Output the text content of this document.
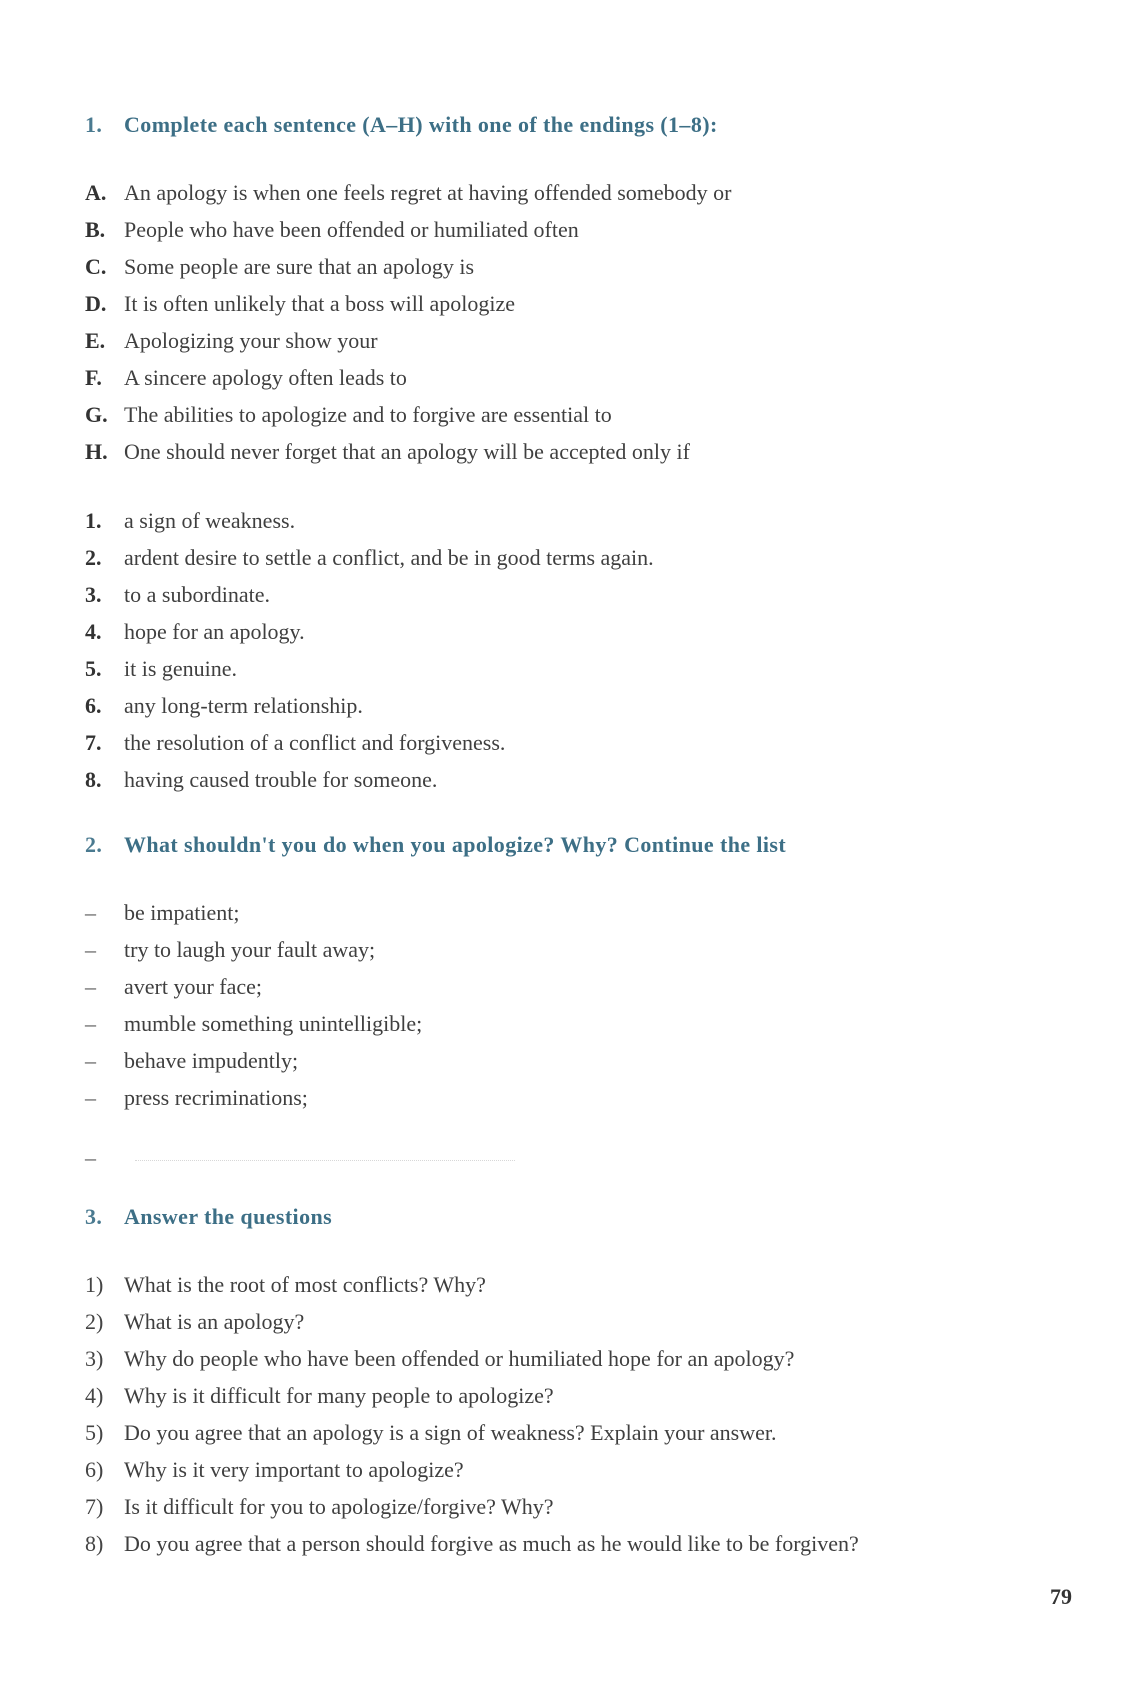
1. Complete each sentence (A–H) with one of the endings (1–8):
A. An apology is when one feels regret at having offended somebody or
B. People who have been offended or humiliated often
C. Some people are sure that an apology is
D. It is often unlikely that a boss will apologize
E. Apologizing your show your
F. A sincere apology often leads to
G. The abilities to apologize and to forgive are essential to
H. One should never forget that an apology will be accepted only if
1. a sign of weakness.
2. ardent desire to settle a conflict, and be in good terms again.
3. to a subordinate.
4. hope for an apology.
5. it is genuine.
6. any long-term relationship.
7. the resolution of a conflict and forgiveness.
8. having caused trouble for someone.
2. What shouldn't you do when you apologize? Why? Continue the list
– be impatient;
– try to laugh your fault away;
– avert your face;
– mumble something unintelligible;
– behave impudently;
– press recriminations;
–
3. Answer the questions
1) What is the root of most conflicts? Why?
2) What is an apology?
3) Why do people who have been offended or humiliated hope for an apology?
4) Why is it difficult for many people to apologize?
5) Do you agree that an apology is a sign of weakness? Explain your answer.
6) Why is it very important to apologize?
7) Is it difficult for you to apologize/forgive? Why?
8) Do you agree that a person should forgive as much as he would like to be forgiven?
79
